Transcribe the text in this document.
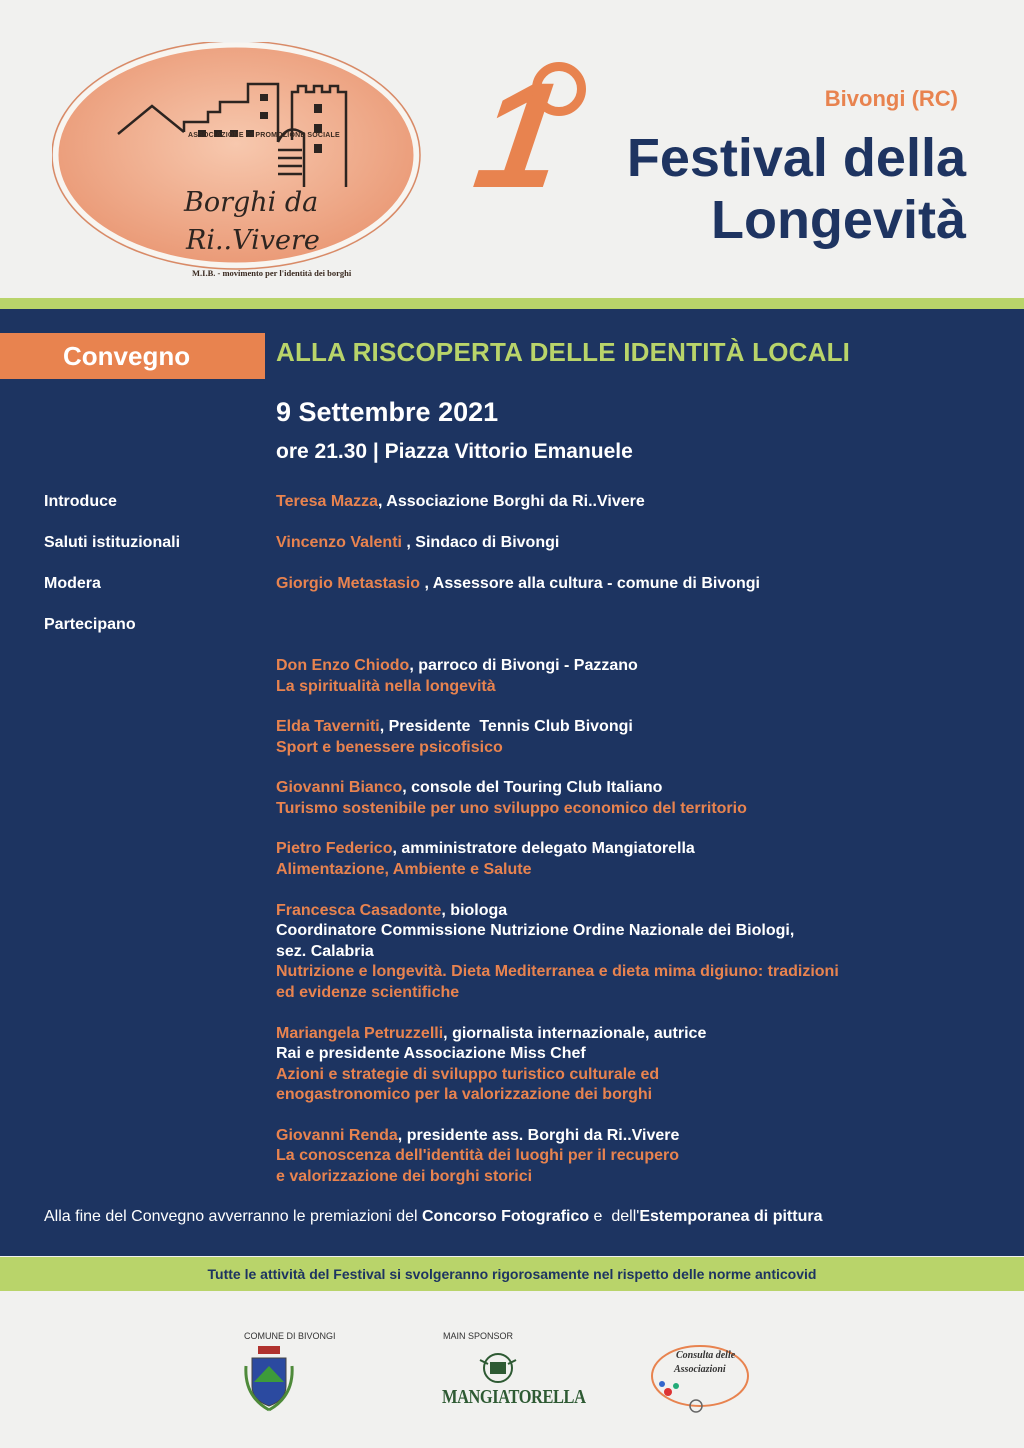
ASSOCIAZIONE DI PROMOZIONE SOCIALE
Borghi da
Ri..Vivere
M.I.B. - movimento per l'identità dei borghi
1	Bivongi (RC)
Festival della
Longevità
Convegno	ALLA RISCOPERTA DELLE IDENTITÀ LOCALI
9 Settembre 2021
ore 21.30 | Piazza Vittorio Emanuele
Introduce	Teresa Mazza, Associazione Borghi da Ri..Vivere
Saluti istituzionali	Vincenzo Valenti , Sindaco di Bivongi
Modera	Giorgio Metastasio , Assessore alla cultura - comune di Bivongi
Partecipano
Don Enzo Chiodo, parroco di Bivongi - Pazzano
La spiritualità nella longevità
Elda Taverniti, Presidente  Tennis Club Bivongi
Sport e benessere psicofisico
Giovanni Bianco, console del Touring Club Italiano
Turismo sostenibile per uno sviluppo economico del territorio
Pietro Federico, amministratore delegato Mangiatorella
Alimentazione, Ambiente e Salute
Francesca Casadonte, biologa
Coordinatore Commissione Nutrizione Ordine Nazionale dei Biologi,
sez. Calabria
Nutrizione e longevità. Dieta Mediterranea e dieta mima digiuno: tradizioni
ed evidenze scientifiche
Mariangela Petruzzelli, giornalista internazionale, autrice
Rai e presidente Associazione Miss Chef
Azioni e strategie di sviluppo turistico culturale ed
enogastronomico per la valorizzazione dei borghi
Giovanni Renda, presidente ass. Borghi da Ri..Vivere
La conoscenza dell'identità dei luoghi per il recupero
e valorizzazione dei borghi storici
Alla fine del Convegno avverranno le premiazioni del Concorso Fotografico e  dell'Estemporanea di pittura
Tutte le attività del Festival si svolgeranno rigorosamente nel rispetto delle norme anticovid
COMUNE DI BIVONGI	MAIN SPONSOR
MANGIATORELLA
Consulta delle
Associazioni
